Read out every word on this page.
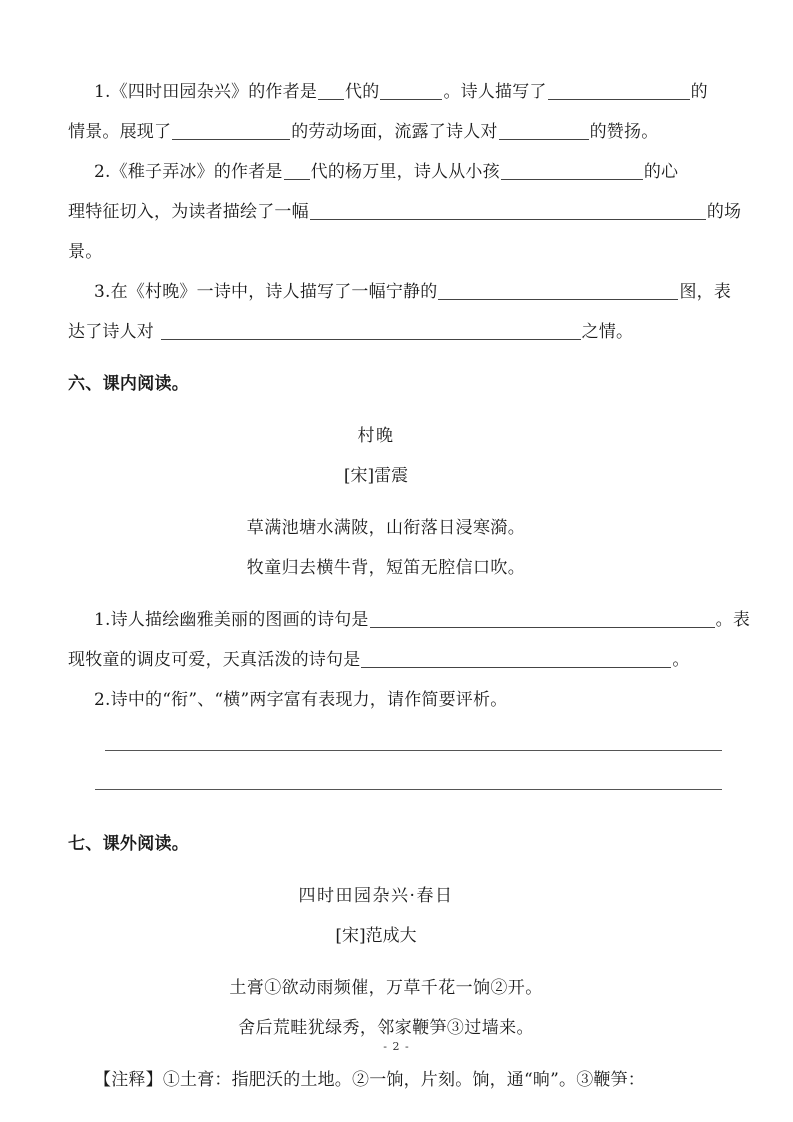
1.《四时田园杂兴》的作者是 代的	。诗人描写了	的

情景。展现了	的劳动场面，流露了诗人对	的赞扬。

2.《稚子弄冰》的作者是 代的杨万里，诗人从小孩	的心

理特征切入，为读者描绘了一幅	的场

景。

3.在《村晚》一诗中，诗人描写了一幅宁静的	图，表

达了诗人对	之情。

六、课内阅读。

村晚

[宋]雷震

草满池塘水满陂，山衔落日浸寒漪。

牧童归去横牛背，短笛无腔信口吹。

1.诗人描绘幽雅美丽的图画的诗句是	。表

现牧童的调皮可爱，天真活泼的诗句是	。

2.诗中的“衔”、“横”两字富有表现力，请作简要评析。

七、课外阅读。

四时田园杂兴·春日

[宋]范成大

土膏①欲动雨频催，万草千花一饷②开。

舍后荒畦犹绿秀，邻家鞭笋③过墙来。

【注释】①土膏：指肥沃的土地。②一饷，片刻。饷，通“晌”。③鞭笋：

- 2 -
